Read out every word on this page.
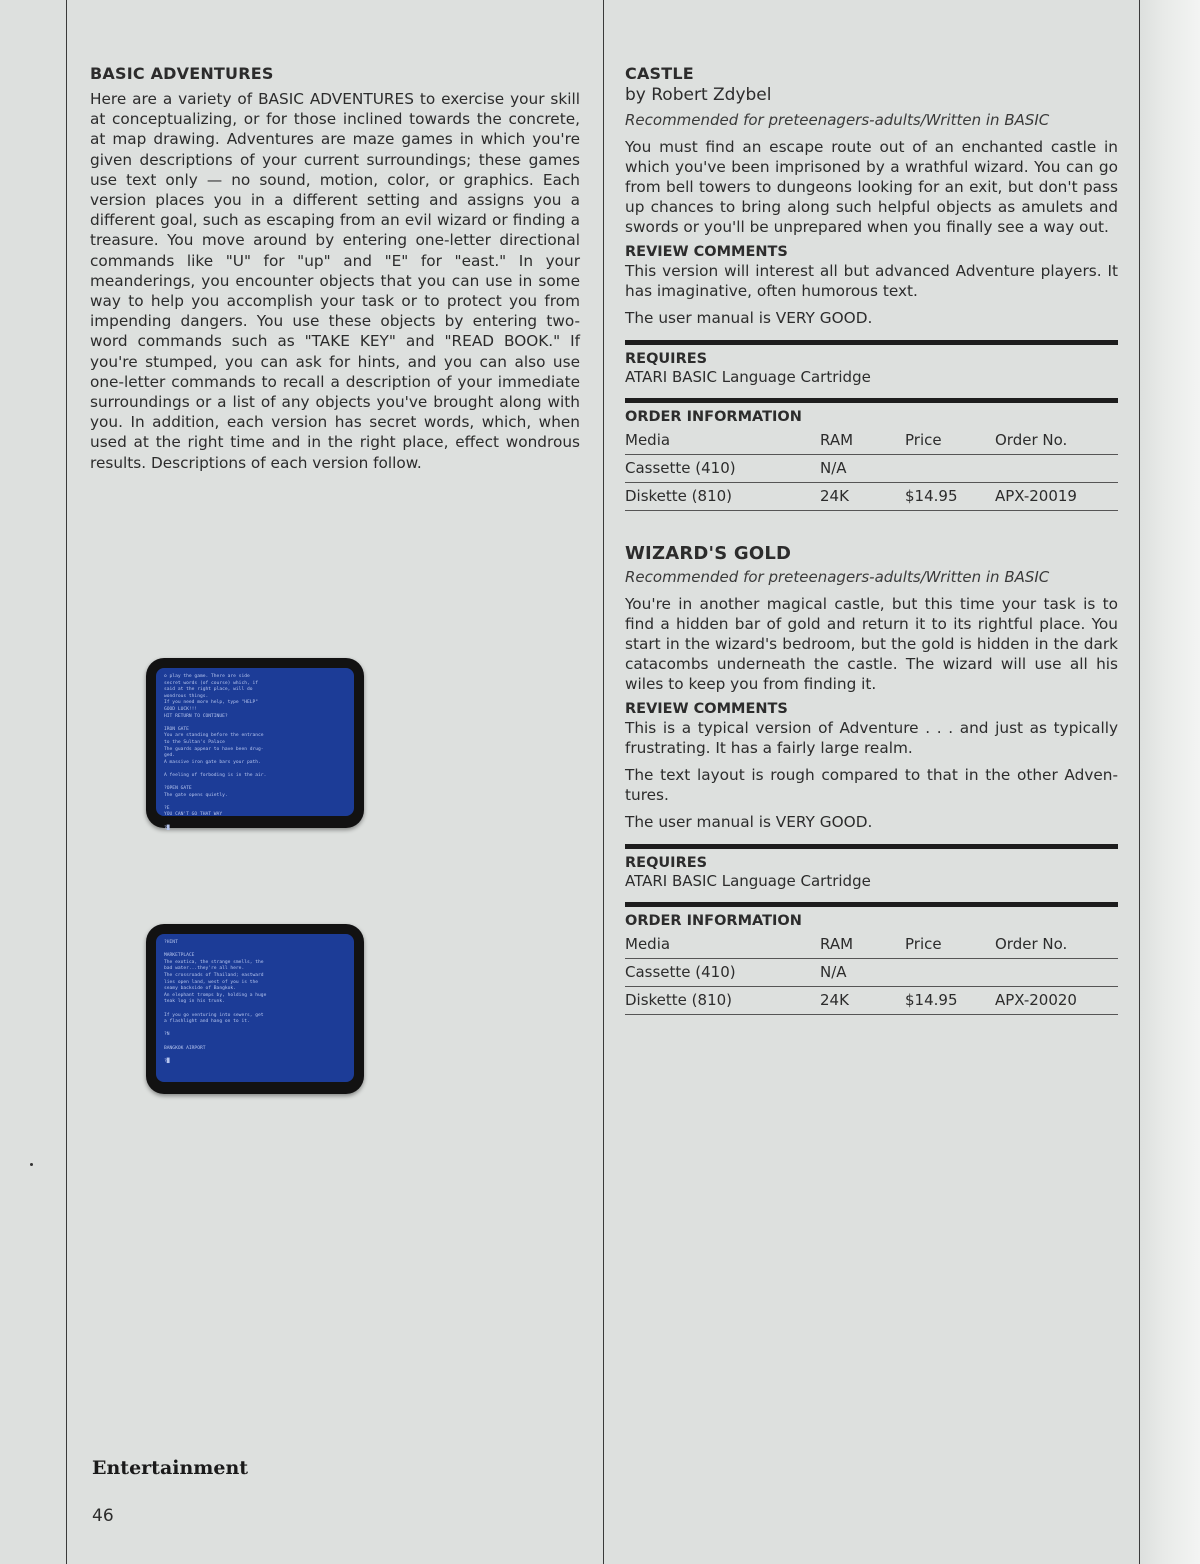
BASIC ADVENTURES

Here are a variety of BASIC ADVENTURES to exercise your skill at conceptualizing, or for those inclined towards the concrete, at map drawing. Adventures are maze games in which you're given descriptions of your current surroundings; these games use text only — no sound, motion, color, or graphics. Each version places you in a different setting and assigns you a different goal, such as escaping from an evil wizard or finding a treasure. You move around by entering one-letter directional commands like "U" for "up" and "E" for "east." In your meanderings, you encounter objects that you can use in some way to help you accomplish your task or to protect you from impending dangers. You use these objects by entering two-word commands such as "TAKE KEY" and "READ BOOK." If you're stumped, you can ask for hints, and you can also use one-letter commands to recall a description of your immediate surroundings or a list of any objects you've brought along with you. In addition, each version has secret words, which, when used at the right time and in the right place, effect wondrous results. Descriptions of each version follow.

o play the game. There are side
secret words (of course) which, if
said at the right place, will do
wondrous things.
If you need more help, type "HELP"
GOOD LUCK!!!
HIT RETURN TO CONTINUE?

IRON GATE
You are standing before the entrance
to the Sultan's Palace
The guards appear to have been drug-
ged.
A massive iron gate bars your path.

A feeling of forboding is in the air.

?OPEN GATE
The gate opens quietly.

?E
YOU CAN'T GO THAT WAY

?█
?HINT

MARKETPLACE
The exotica, the strange smells, the
bad water...they're all here.
The crossroads of Thailand; eastward
lies open land, west of you is the
seamy backside of Bangkok.
An elephant tromps by, holding a huge
teak log in his trunk.

If you go venturing into sewers, get
a flashlight and hang on to it.

?N

BANGKOK AIRPORT

?█
CASTLE
by Robert Zdybel
Recommended for preteenagers-adults/Written in BASIC

You must find an escape route out of an enchanted castle in which you've been imprisoned by a wrathful wizard. You can go from bell towers to dungeons looking for an exit, but don't pass up chances to bring along such helpful objects as amulets and swords or you'll be unprepared when you finally see a way out.

REVIEW COMMENTS

This version will interest all but advanced Adventure players. It has imaginative, often humorous text.

The user manual is VERY GOOD.

REQUIRES
ATARI BASIC Language Cartridge
ORDER INFORMATION
Media	RAM	Price	Order No.
Cassette (410)	N/A		
Diskette (810)	24K	$14.95	APX-20019
WIZARD'S GOLD
Recommended for preteenagers-adults/Written in BASIC

You're in another magical castle, but this time your task is to find a hidden bar of gold and return it to its rightful place. You start in the wizard's bedroom, but the gold is hidden in the dark catacombs underneath the castle. The wizard will use all his wiles to keep you from finding it.

REVIEW COMMENTS

This is a typical version of Adventure . . . and just as typically frustrating. It has a fairly large realm.

The text layout is rough compared to that in the other Adven-tures.

The user manual is VERY GOOD.

REQUIRES
ATARI BASIC Language Cartridge
ORDER INFORMATION
Media	RAM	Price	Order No.
Cassette (410)	N/A		
Diskette (810)	24K	$14.95	APX-20020
Entertainment
46
